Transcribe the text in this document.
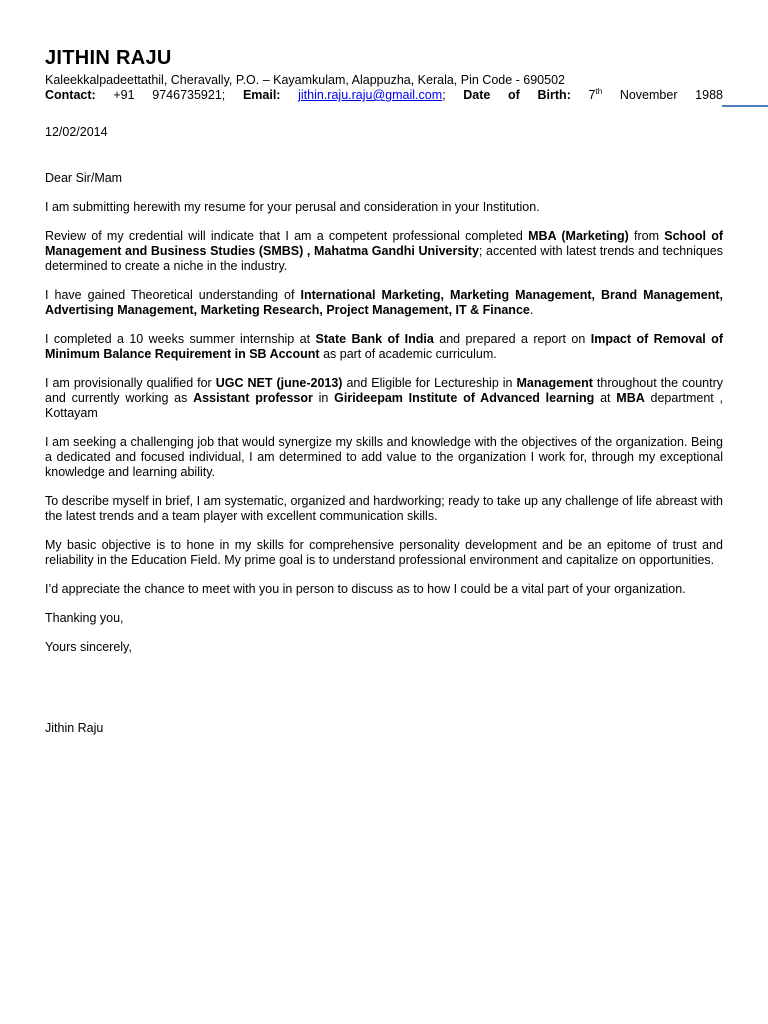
JITHIN RAJU
Kaleekkalpadeettathil, Cheravally, P.O. – Kayamkulam, Alappuzha, Kerala, Pin Code - 690502
Contact: +91 9746735921; Email: jithin.raju.raju@gmail.com; Date of Birth: 7th November 1988
12/02/2014

Dear Sir/Mam

I am submitting herewith my resume for your perusal and consideration in your Institution.

Review of my credential will indicate that I am a competent professional completed MBA (Marketing) from School of Management and Business Studies (SMBS) , Mahatma Gandhi University; accented with latest trends and techniques determined to create a niche in the industry.

I have gained Theoretical understanding of International Marketing, Marketing Management, Brand Management, Advertising Management, Marketing Research, Project Management, IT & Finance.

I completed a 10 weeks summer internship at State Bank of India and prepared a report on Impact of Removal of Minimum Balance Requirement in SB Account as part of academic curriculum.

I am provisionally qualified for UGC NET (june-2013) and Eligible for Lectureship in Management throughout the country and currently working as Assistant professor in Girideepam Institute of Advanced learning at MBA department , Kottayam

I am seeking a challenging job that would synergize my skills and knowledge with the objectives of the organization. Being a dedicated and focused individual, I am determined to add value to the organization I work for, through my exceptional knowledge and learning ability.

To describe myself in brief, I am systematic, organized and hardworking; ready to take up any challenge of life abreast with the latest trends and a team player with excellent communication skills.

My basic objective is to hone in my skills for comprehensive personality development and be an epitome of trust and reliability in the Education Field. My prime goal is to understand professional environment and capitalize on opportunities.

I’d appreciate the chance to meet with you in person to discuss as to how I could be a vital part of your organization.

Thanking you,

Yours sincerely,

Jithin Raju
